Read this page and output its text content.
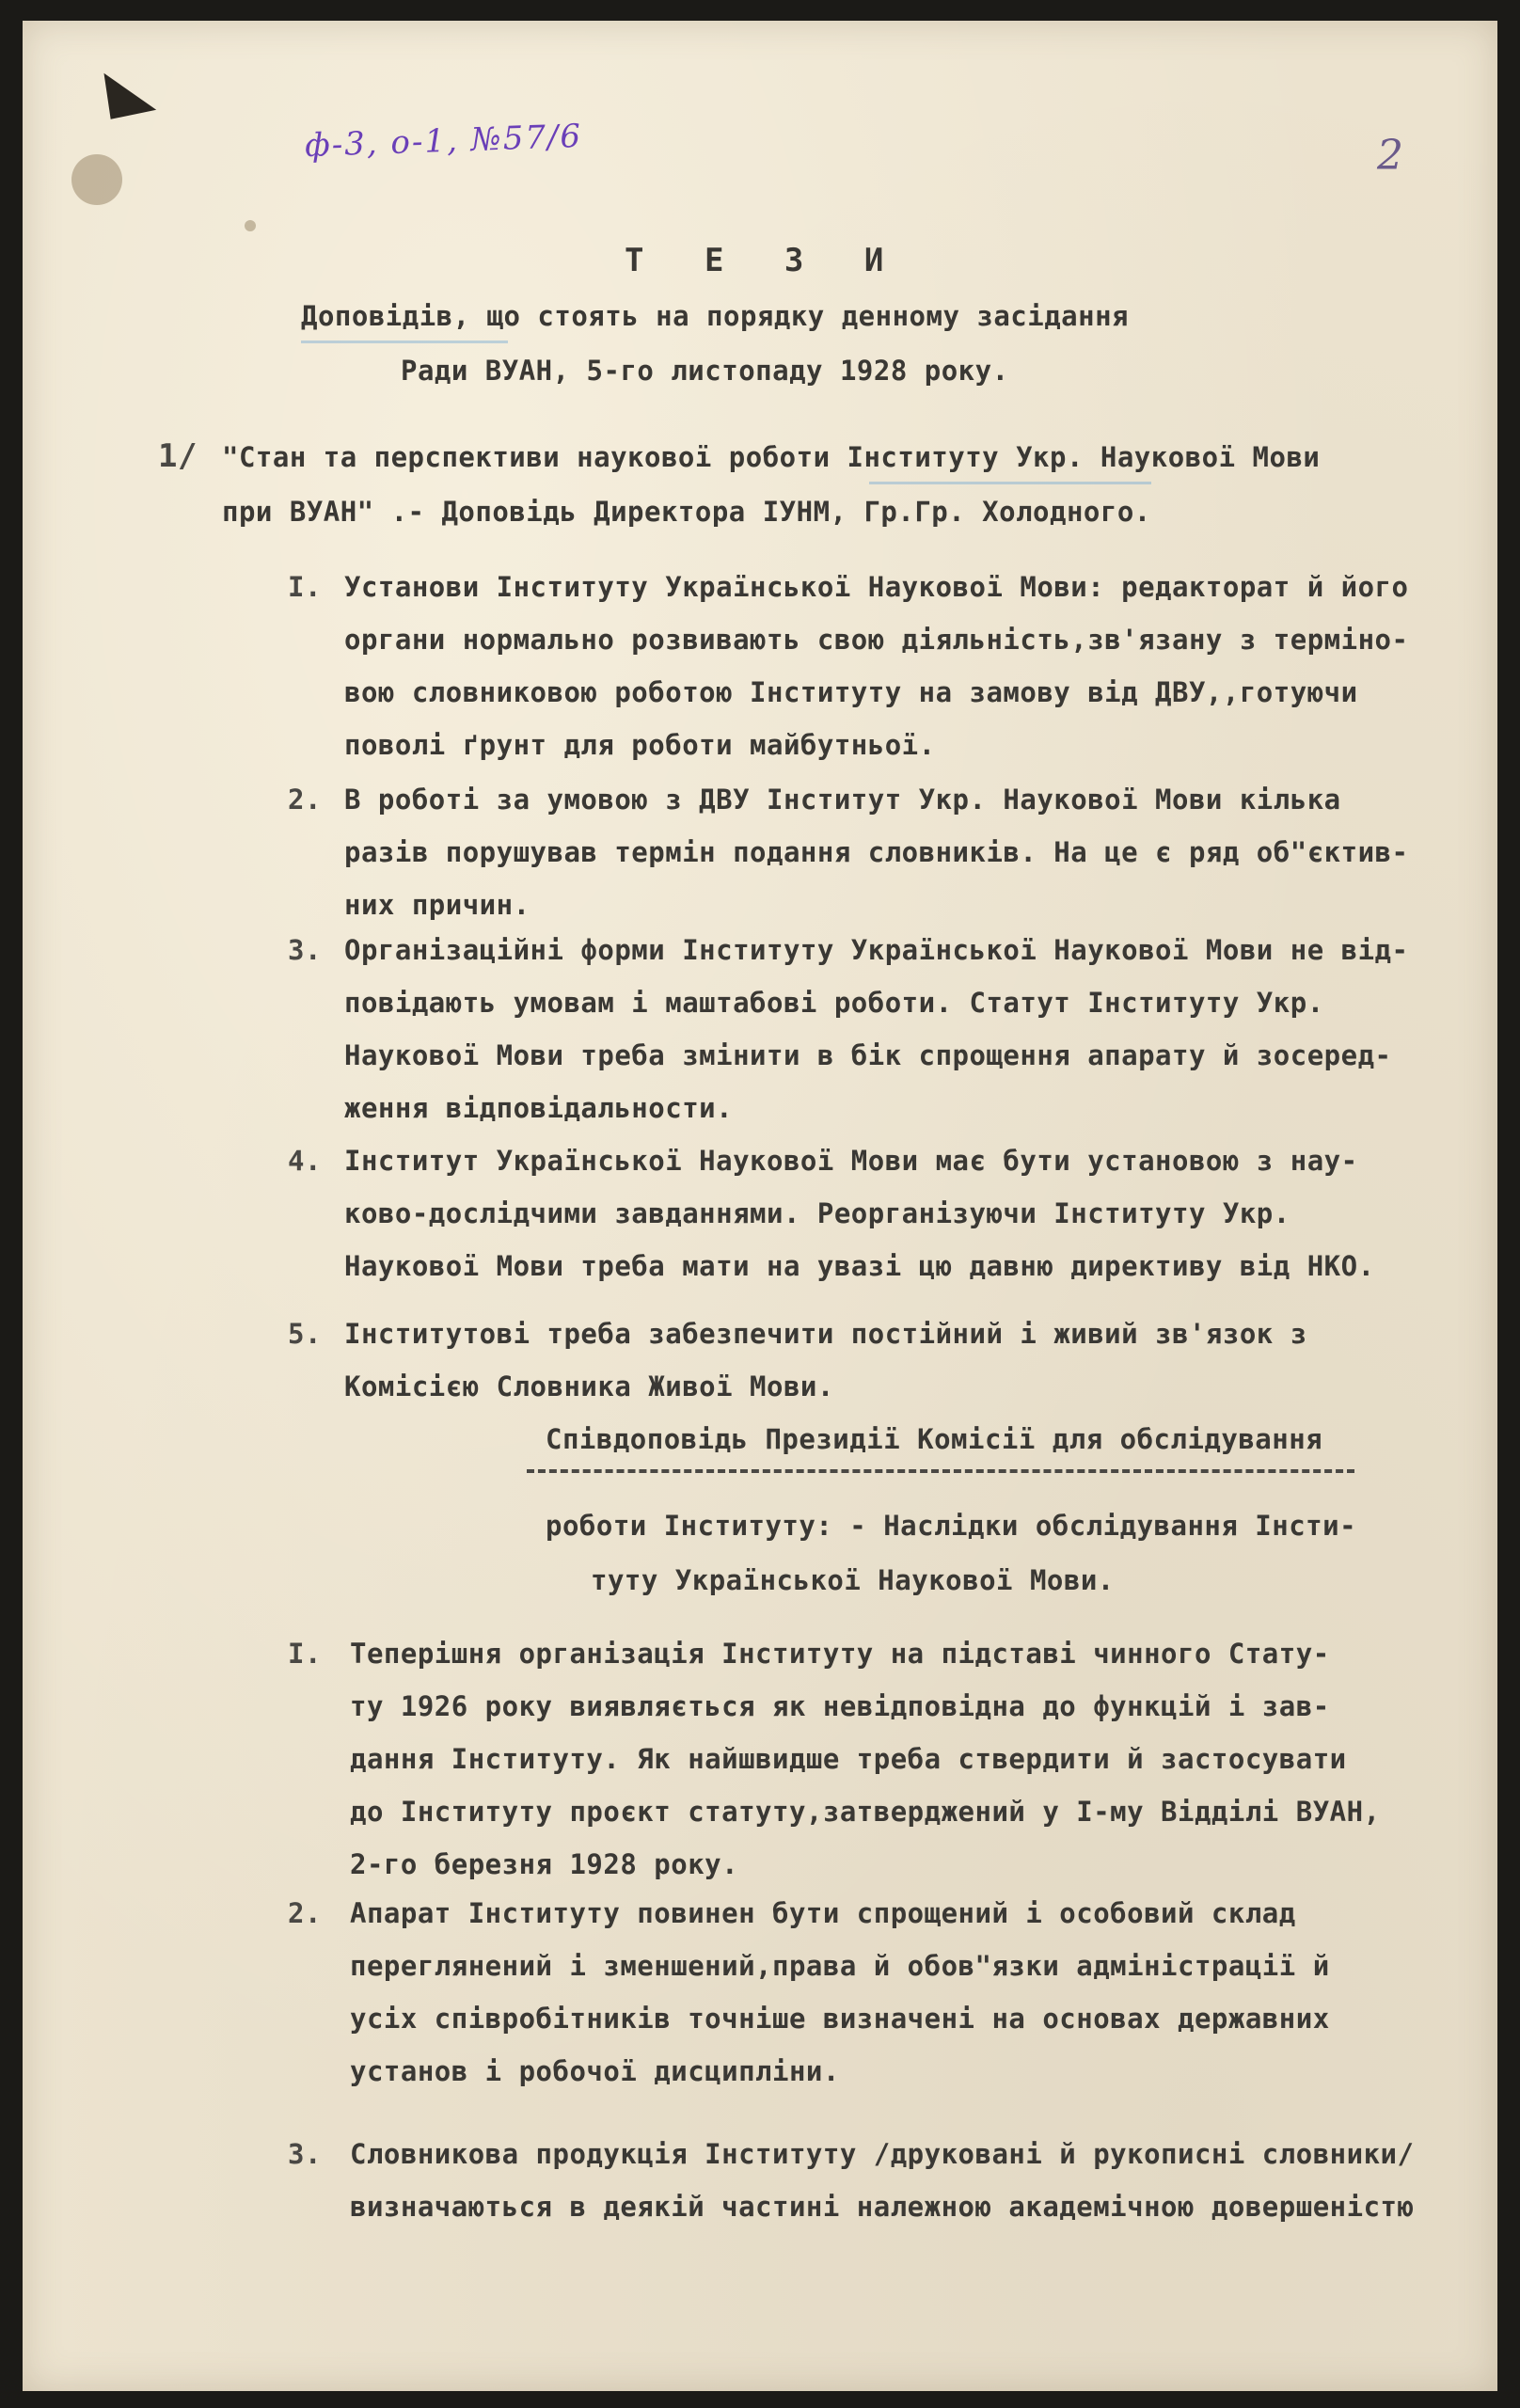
ф-3, о-1, №57/6	2
Т Е З И
Доповідів, що стоять на порядку денному засідання
Ради ВУАН, 5-го листопаду 1928 року.
1/ "Стан та перспективи наукової роботи Інституту Укр. Наукової Мови
при ВУАН" .- Доповідь Директора ІУНМ, Гр.Гр. Холодного.
I. Установи Інституту Української Наукової Мови: редакторат й його
органи нормально розвивають свою діяльність,зв'язану з терміно-
вою словниковою роботою Інституту на замову від ДВУ,,готуючи
поволі ґрунт для роботи майбутньої.
2. В роботі за умовою з ДВУ Інститут Укр. Наукової Мови кілька
разів порушував термін подання словників. На це є ряд об"єктив-
них причин.
3. Організаційні форми Інституту Української Наукової Мови не від-
повідають умовам і маштабові роботи. Статут Інституту Укр.
Наукової Мови треба змінити в бік спрощення апарату й зосеред-
ження відповідальности.
4. Інститут Української Наукової Мови має бути установою з нау-
ково-дослідчими завданнями. Реорганізуючи Інституту Укр.
Наукової Мови треба мати на увазі цю давню директиву від НКО.
5. Інститутові треба забезпечити постійний і живий зв'язок з
Комісією Словника Живої Мови.
Співдоповідь Президії Комісії для обслідування
роботи Інституту: - Наслідки обслідування Інсти-
туту Української Наукової Мови.
I. Теперішня організація Інституту на підставі чинного Стату-
ту 1926 року виявляється як невідповідна до функцій і зав-
дання Інституту. Як найшвидше треба ствердити й застосувати
до Інституту проєкт статуту,затверджений у І-му Відділі ВУАН,
2-го березня 1928 року.
2. Апарат Інституту повинен бути спрощений і особовий склад
переглянений і зменшений,права й обов"язки адміністрації й
усіх співробітників точніше визначені на основах державних
установ і робочої дисципліни.
3. Словникова продукція Інституту /друковані й рукописні словники/
визначаються в деякій частині належною академічною довершеністю
